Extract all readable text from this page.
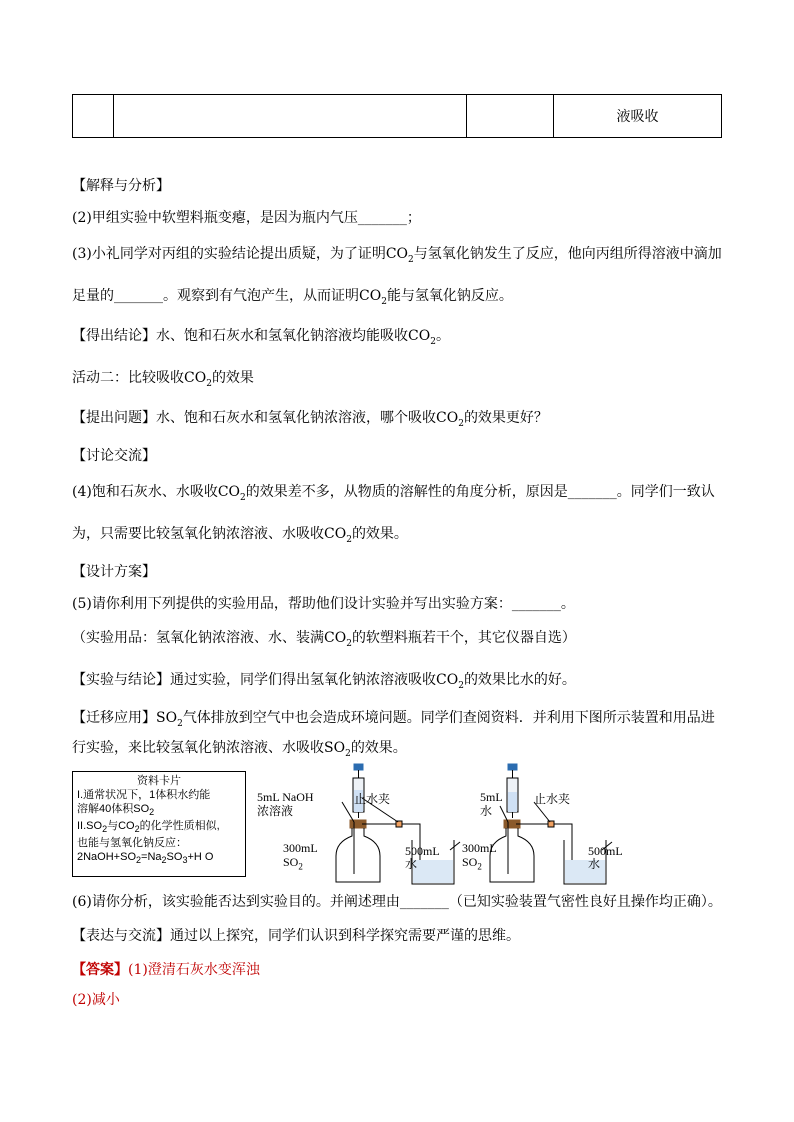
			液吸收
【解释与分析】
(2)甲组实验中软塑料瓶变瘪，是因为瓶内气压_______；
(3)小礼同学对丙组的实验结论提出质疑，为了证明$CO_2$与氢氧化钠发生了反应，他向丙组所得溶液中滴加
足量的_______。观察到有气泡产生，从而证明$CO_2$能与氢氧化钠反应。
【得出结论】水、饱和石灰水和氢氧化钠溶液均能吸收$CO_2$。
活动二：比较吸收$CO_2$的效果
【提出问题】水、饱和石灰水和氢氧化钠浓溶液，哪个吸收$CO_2$的效果更好？
【讨论交流】
(4)饱和石灰水、水吸收$CO_2$的效果差不多，从物质的溶解性的角度分析，原因是_______。同学们一致认
为，只需要比较氢氧化钠浓溶液、水吸收$CO_2$的效果。
【设计方案】
(5)请你利用下列提供的实验用品，帮助他们设计实验并写出实验方案：_______。
（实验用品：氢氧化钠浓溶液、水、装满$CO_2$的软塑料瓶若干个，其它仪器自选）
【实验与结论】通过实验，同学们得出氢氧化钠浓溶液吸收$CO_2$的效果比水的好。
【迁移应用】$SO_2$气体排放到空气中也会造成环境问题。同学们查阅资料．并利用下图所示装置和用品进
行实验，来比较氢氧化钠浓溶液、水吸收$SO_2$的效果。
资料卡片
I.通常状况下，1体积水约能
溶解40体积$SO_2$
$II.SO_2$与$CO_2$的化学性质相似,
也能与氢氧化钠反应：
$2NaOH+SO_2=Na_2SO_3+H$ O
5mL NaOH
浓溶液
止水夹
300mL
$SO_2$
500mL
水
5mL
水
止水夹
300mL
$SO_2$
500mL
水
(6)请你分析，该实验能否达到实验目的。并阐述理由_______（已知实验装置气密性良好且操作均正确）。
【表达与交流】通过以上探究，同学们认识到科学探究需要严谨的思维。
【答案】(1)澄清石灰水变浑浊
(2)减小
